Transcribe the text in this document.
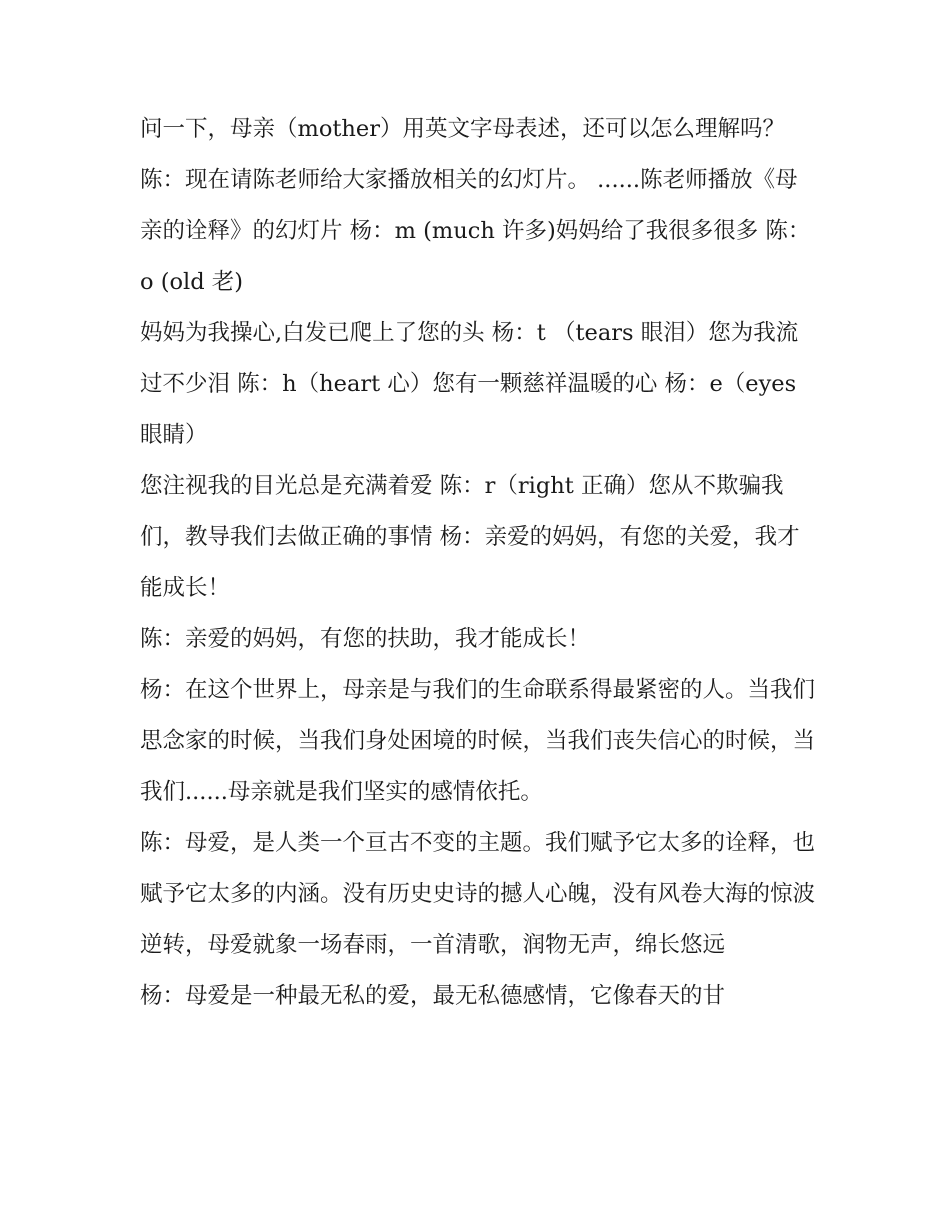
问一下，母亲（mother）用英文字母表述，还可以怎么理解吗？

陈：现在请陈老师给大家播放相关的幻灯片。 ......陈老师播放《母亲的诠释》的幻灯片 杨：m (much 许多)妈妈给了我很多很多 陈：o (old 老)

妈妈为我操心,白发已爬上了您的头 杨：t （tears 眼泪）您为我流过不少泪 陈：h（heart 心）您有一颗慈祥温暖的心 杨：e（eyes 眼睛）

您注视我的目光总是充满着爱 陈：r（right 正确）您从不欺骗我们，教导我们去做正确的事情 杨：亲爱的妈妈，有您的关爱，我才能成长！

陈：亲爱的妈妈，有您的扶助，我才能成长！

杨：在这个世界上，母亲是与我们的生命联系得最紧密的人。当我们思念家的时候，当我们身处困境的时候，当我们丧失信心的时候，当我们......母亲就是我们坚实的感情依托。

陈：母爱，是人类一个亘古不变的主题。我们赋予它太多的诠释，也赋予它太多的内涵。没有历史史诗的撼人心魄，没有风卷大海的惊波逆转，母爱就象一场春雨，一首清歌，润物无声，绵长悠远

杨：母爱是一种最无私的爱，最无私德感情，它像春天的甘
